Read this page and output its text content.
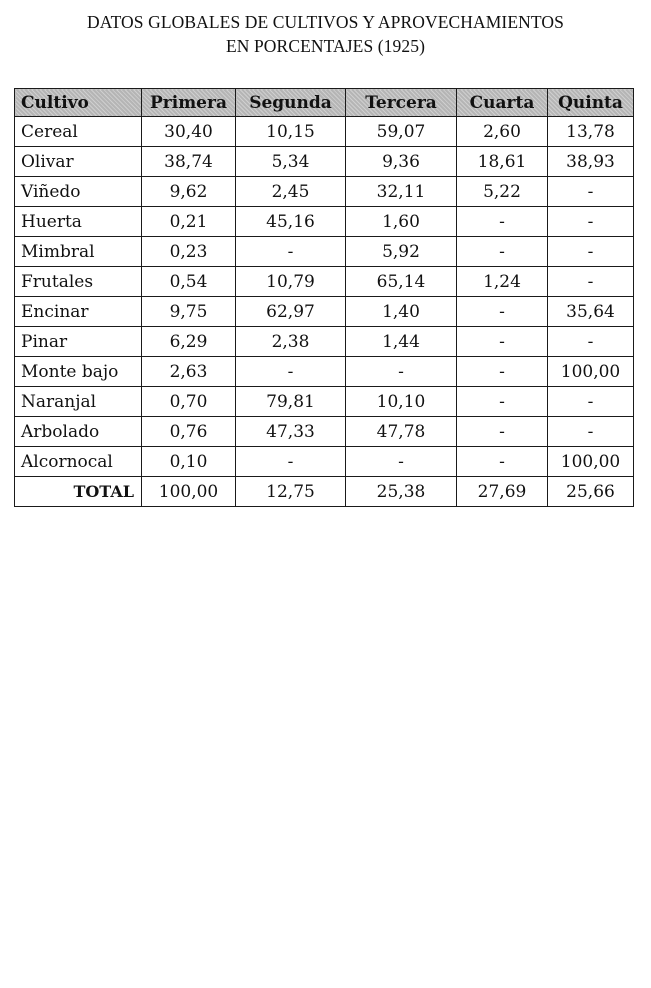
DATOS GLOBALES DE CULTIVOS Y APROVECHAMIENTOS
EN PORCENTAJES (1925)
Cultivo	Primera	Segunda	Tercera	Cuarta	Quinta
Cereal	30,40	10,15	59,07	2,60	13,78
Olivar	38,74	5,34	9,36	18,61	38,93
Viñedo	9,62	2,45	32,11	5,22	-
Huerta	0,21	45,16	1,60	-	-
Mimbral	0,23	-	5,92	-	-
Frutales	0,54	10,79	65,14	1,24	-
Encinar	9,75	62,97	1,40	-	35,64
Pinar	6,29	2,38	1,44	-	-
Monte bajo	2,63	-	-	-	100,00
Naranjal	0,70	79,81	10,10	-	-
Arbolado	0,76	47,33	47,78	-	-
Alcornocal	0,10	-	-	-	100,00
TOTAL	100,00	12,75	25,38	27,69	25,66
